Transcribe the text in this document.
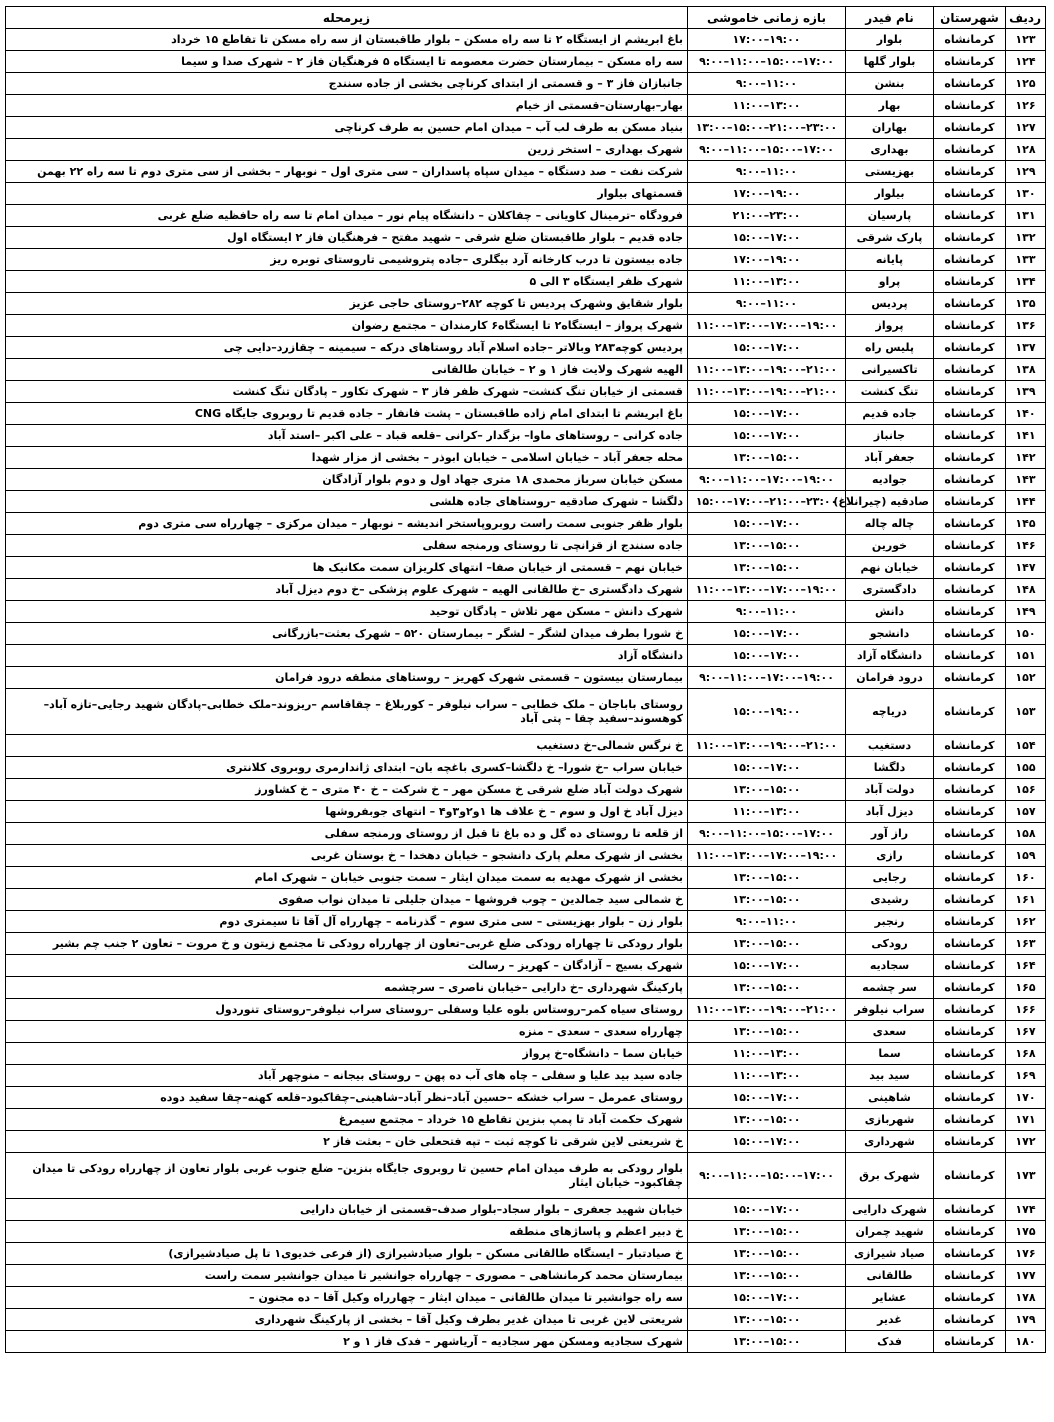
ردیف	شهرستان	نام فیدر	بازه زمانی خاموشی	زیرمحله
۱۲۳	کرمانشاه	بلوار	۱۹:۰۰–۱۷:۰۰	باغ ابریشم از ایستگاه ۲ تا سه راه مسکن – بلوار طاقبستان از سه راه مسکن تا تقاطع ۱۵ خرداد
۱۲۴	کرمانشاه	بلوار گلها	۱۷:۰۰–۱۵:۰۰–۱۱:۰۰–۹:۰۰	سه راه مسکن – بیمارستان حضرت معصومه تا ایستگاه ۵ فرهنگیان فاز ۲ – شهرک صدا و سیما
۱۲۵	کرمانشاه	بنشن	۱۱:۰۰–۹:۰۰	جانبازان فاز ۳ – و قسمتی از ابتدای کرناچی بخشی از جاده سنندج
۱۲۶	کرمانشاه	بهار	۱۳:۰۰–۱۱:۰۰	بهار–بهارستان–قسمتی از خیام
۱۲۷	کرمانشاه	بهاران	۲۳:۰۰–۲۱:۰۰–۱۵:۰۰–۱۳:۰۰	بنیاد مسکن به طرف لب آب – میدان امام حسین به طرف کرناچی
۱۲۸	کرمانشاه	بهداری	۱۷:۰۰–۱۵:۰۰–۱۱:۰۰–۹:۰۰	شهرک بهداری – استخر زرین
۱۲۹	کرمانشاه	بهزیستی	۱۱:۰۰–۹:۰۰	شرکت نفت – صد دستگاه – میدان سپاه پاسداران – سی متری اول – نوبهار – بخشی از سی متری دوم تا سه راه ۲۲ بهمن
۱۳۰	کرمانشاه	بیلوار	۱۹:۰۰–۱۷:۰۰	قسمتهای بیلوار
۱۳۱	کرمانشاه	پارسیان	۲۳:۰۰–۲۱:۰۰	فرودگاه –ترمینال کاویانی – چقاکلان – دانشگاه پیام نور – میدان امام تا سه راه حافظیه ضلع غربی
۱۳۲	کرمانشاه	پارک شرقی	۱۷:۰۰–۱۵:۰۰	جاده قدیم – بلوار طاقبستان ضلع شرقی – شهید مفتح – فرهنگیان فاز ۲ ایستگاه اول
۱۳۳	کرمانشاه	پایانه	۱۹:۰۰–۱۷:۰۰	جاده بیستون تا درب کارخانه آرد بیگلری –جاده پتروشیمی تاروستای توبره ریز
۱۳۴	کرمانشاه	پراو	۱۳:۰۰–۱۱:۰۰	شهرک ظفر ایستگاه ۳ الی ۵
۱۳۵	کرمانشاه	پردیس	۱۱:۰۰–۹:۰۰	بلوار شقایق وشهرک پردیس تا کوچه ۲۸۲–روستای حاجی عزیز
۱۳۶	کرمانشاه	پرواز	۱۹:۰۰–۱۷:۰۰–۱۳:۰۰–۱۱:۰۰	شهرک پرواز – ایستگاه۲ تا ایستگاه۶ کارمندان – مجتمع رضوان
۱۳۷	کرمانشاه	پلیس راه	۱۷:۰۰–۱۵:۰۰	پردیس کوچه۲۸۳ وبالاتر –جاده اسلام آباد روستاهای درکه – سیمینه – چقازرد–دایی چی
۱۳۸	کرمانشاه	تاکسیرانی	۲۱:۰۰–۱۹:۰۰–۱۳:۰۰–۱۱:۰۰	الهیه شهرک ولایت فاز ۱ و ۲ – خیابان طالقانی
۱۳۹	کرمانشاه	تنگ کنشت	۲۱:۰۰–۱۹:۰۰–۱۳:۰۰–۱۱:۰۰	قسمتی از خیابان تنگ کنشت– شهرک ظفر فاز ۳ – شهرک تکاور – پادگان تنگ کنشت
۱۴۰	کرمانشاه	جاده قدیم	۱۷:۰۰–۱۵:۰۰	باغ ابریشم تا ابتدای امام زاده طاقبستان – پشت فانفار – جاده قدیم تا روبروی جایگاه CNG
۱۴۱	کرمانشاه	جانباز	۱۷:۰۰–۱۵:۰۰	جاده کرانی – روستاهای ماوا– بزگدار –کرانی –قلعه قباد – علی اکبر –استد آباد
۱۴۲	کرمانشاه	جعفر آباد	۱۵:۰۰–۱۳:۰۰	محله جعفر آباد – خیابان اسلامی – خیابان ابوذر – بخشی از مزار شهدا
۱۴۳	کرمانشاه	جوادیه	۱۹:۰۰–۱۷:۰۰–۱۱:۰۰–۹:۰۰	مسکن خیابان سرباز محمدی ۱۸ متری جهاد اول و دوم بلوار آزادگان
۱۴۴	کرمانشاه	صادقیه (چیرانلاغ)	۲۳:۰۰–۲۱:۰۰–۱۷:۰۰–۱۵:۰۰	دلگشا – شهرک صادقیه –روستاهای جاده هلشی
۱۴۵	کرمانشاه	چاله چاله	۱۷:۰۰–۱۵:۰۰	بلوار ظفر جنوبی سمت راست روبروپاستخر اندیشه – نوبهار – میدان مرکزی – چهارراه سی متری دوم
۱۴۶	کرمانشاه	خورین	۱۵:۰۰–۱۳:۰۰	جاده سنندج از قزانچی تا روستای ورمنجه سفلی
۱۴۷	کرمانشاه	خیابان نهم	۱۵:۰۰–۱۳:۰۰	خیابان نهم – قسمتی از خیابان صفا– انتهای کلریزان سمت مکانیک ها
۱۴۸	کرمانشاه	دادگستری	۱۹:۰۰–۱۷:۰۰–۱۳:۰۰–۱۱:۰۰	شهرک دادگستری –خ طالقانی الهیه – شهرک علوم پزشکی –خ دوم دیزل آباد
۱۴۹	کرمانشاه	دانش	۱۱:۰۰–۹:۰۰	شهرک دانش – مسکن مهر تلاش – پادگان توحید
۱۵۰	کرمانشاه	دانشجو	۱۷:۰۰–۱۵:۰۰	خ شورا بطرف میدان لشگر – لشگر – بیمارستان ۵۲۰ – شهرک بعثت–بازرگانی
۱۵۱	کرمانشاه	دانشگاه آزاد	۱۷:۰۰–۱۵:۰۰	دانشگاه آزاد
۱۵۲	کرمانشاه	درود فرامان	۱۹:۰۰–۱۷:۰۰–۱۱:۰۰–۹:۰۰	بیمارستان بیستون – قسمتی شهرک کهریز – روستاهای منطقه درود فرامان
۱۵۳	کرمانشاه	دریاچه	۱۹:۰۰–۱۵:۰۰	روستای باباجان – ملک خطابی – سراب نیلوفر – کوربلاغ – چقاقاسم –ریزوند–ملک خطابی–پادگان شهید رجایی–تازه آباد–کوهسوند–سفید چقا – پتی آباد
۱۵۴	کرمانشاه	دستغیب	۲۱:۰۰–۱۹:۰۰–۱۳:۰۰–۱۱:۰۰	خ نرگس شمالی–خ دستغیب
۱۵۵	کرمانشاه	دلگشا	۱۷:۰۰–۱۵:۰۰	خیابان سراب –خ شورا– خ دلگشا–کسری باغچه بان– ابتدای ژاندارمری روبروی کلانتری
۱۵۶	کرمانشاه	دولت آباد	۱۵:۰۰–۱۳:۰۰	شهرک دولت آباد ضلع شرقی خ مسکن مهر – خ شرکت – خ ۴۰ متری – خ کشاورز
۱۵۷	کرمانشاه	دیزل آباد	۱۳:۰۰–۱۱:۰۰	دیزل آباد خ اول و سوم – خ علاف ها ۱و۲و۳و۴ – انتهای جوبفروشها
۱۵۸	کرمانشاه	راز آور	۱۷:۰۰–۱۵:۰۰–۱۱:۰۰–۹:۰۰	از قلعه تا روستای ده گل و ده باغ تا قبل از روستای ورمنجه سفلی
۱۵۹	کرمانشاه	رازی	۱۹:۰۰–۱۷:۰۰–۱۳:۰۰–۱۱:۰۰	بخشی از شهرک معلم پارک دانشجو – خیابان دهخدا – خ بوستان غربی
۱۶۰	کرمانشاه	رجایی	۱۵:۰۰–۱۳:۰۰	بخشی از شهرک مهدیه به سمت میدان ایثار – سمت جنوبی خیابان – شهرک امام
۱۶۱	کرمانشاه	رشیدی	۱۵:۰۰–۱۳:۰۰	خ شمالی سید جمالدین – چوب فروشها – میدان جلیلی تا میدان نواب صفوی
۱۶۲	کرمانشاه	رنجبر	۱۱:۰۰–۹:۰۰	بلوار زن – بلوار بهزیستی – سی متری سوم – گذرنامه – چهارراه آل آقا تا سیمتری دوم
۱۶۳	کرمانشاه	رودکی	۱۵:۰۰–۱۳:۰۰	بلوار رودکی تا چهاراه رودکی ضلع غربی–تعاون از چهارراه رودکی تا مجتمع زیتون و خ مروت – تعاون ۲ جنب چم بشیر
۱۶۴	کرمانشاه	سجادیه	۱۷:۰۰–۱۵:۰۰	شهرک بسیج – آزادگان – کهریز – رسالت
۱۶۵	کرمانشاه	سر چشمه	۱۵:۰۰–۱۳:۰۰	پارکینگ شهرداری –خ دارایی –خیابان ناصری – سرچشمه
۱۶۶	کرمانشاه	سراب نیلوفر	۲۱:۰۰–۱۹:۰۰–۱۳:۰۰–۱۱:۰۰	روستای سیاه کمر–روستاس بلوه علیا وسفلی –روستای سراب نیلوفر–روستای تنوردول
۱۶۷	کرمانشاه	سعدی	۱۵:۰۰–۱۳:۰۰	چهارراه سعدی – سعدی – منزه
۱۶۸	کرمانشاه	سما	۱۳:۰۰–۱۱:۰۰	خیابان سما – دانشگاه–خ پرواز
۱۶۹	کرمانشاه	سید بید	۱۳:۰۰–۱۱:۰۰	جاده سید بید علیا و سفلی – چاه های آب ده پهن – روستای بیجانه – منوچهر آباد
۱۷۰	کرمانشاه	شاهینی	۱۷:۰۰–۱۵:۰۰	روستای عمرمل – سراب خشکه –حسین آباد–نظر آباد–شاهینی–چقاکبود–قلعه کهنه–چقا سفید دوده
۱۷۱	کرمانشاه	شهربازی	۱۵:۰۰–۱۳:۰۰	شهرک حکمت آباد تا پمپ بنزین تقاطع ۱۵ خرداد – مجتمع سیمرغ
۱۷۲	کرمانشاه	شهرداری	۱۷:۰۰–۱۵:۰۰	خ شریعتی لاین شرقی تا کوچه ثبت – تپه فتحعلی خان – بعثت فاز ۲
۱۷۳	کرمانشاه	شهرک برق	۱۷:۰۰–۱۵:۰۰–۱۱:۰۰–۹:۰۰	بلوار رودکی به طرف میدان امام حسین تا روبروی جایگاه بنزین– ضلع جنوب غربی بلوار تعاون از چهارراه رودکی تا میدان چقاکبود– خیابان ایثار
۱۷۴	کرمانشاه	شهرک دارایی	۱۷:۰۰–۱۵:۰۰	خیابان شهید جعفری – بلوار سجاد–بلوار صدف–قسمتی از خیابان دارایی
۱۷۵	کرمانشاه	شهید چمران	۱۵:۰۰–۱۳:۰۰	خ دبیر اعظم و پاسا‌ژهای منطقه
۱۷۶	کرمانشاه	صیاد شیرازی	۱۵:۰۰–۱۳:۰۰	خ صیادتبار – ایستگاه طالقانی مسکن – بلوار صیادشیرازی (از فرعی خدیوی۱ تا پل صیادشیرازی)
۱۷۷	کرمانشاه	طالقانی	۱۵:۰۰–۱۳:۰۰	بیمارستان محمد کرمانشاهی – مصوری – چهارراه جوانشیر تا میدان جوانشیر سمت راست
۱۷۸	کرمانشاه	عشایر	۱۷:۰۰–۱۵:۰۰	سه راه جوانشیر تا میدان طالقانی – میدان ایثار – چهارراه وکیل آقا – ده مجنون –
۱۷۹	کرمانشاه	غدیر	۱۵:۰۰–۱۳:۰۰	شریعتی لاین غربی تا میدان غدیر بطرف وکیل آقا – بخشی از پارکینگ شهرداری
۱۸۰	کرمانشاه	فدک	۱۵:۰۰–۱۳:۰۰	شهرک سجادیه ومسکن مهر سجادیه – آریاشهر – فدک فاز ۱ و ۲
